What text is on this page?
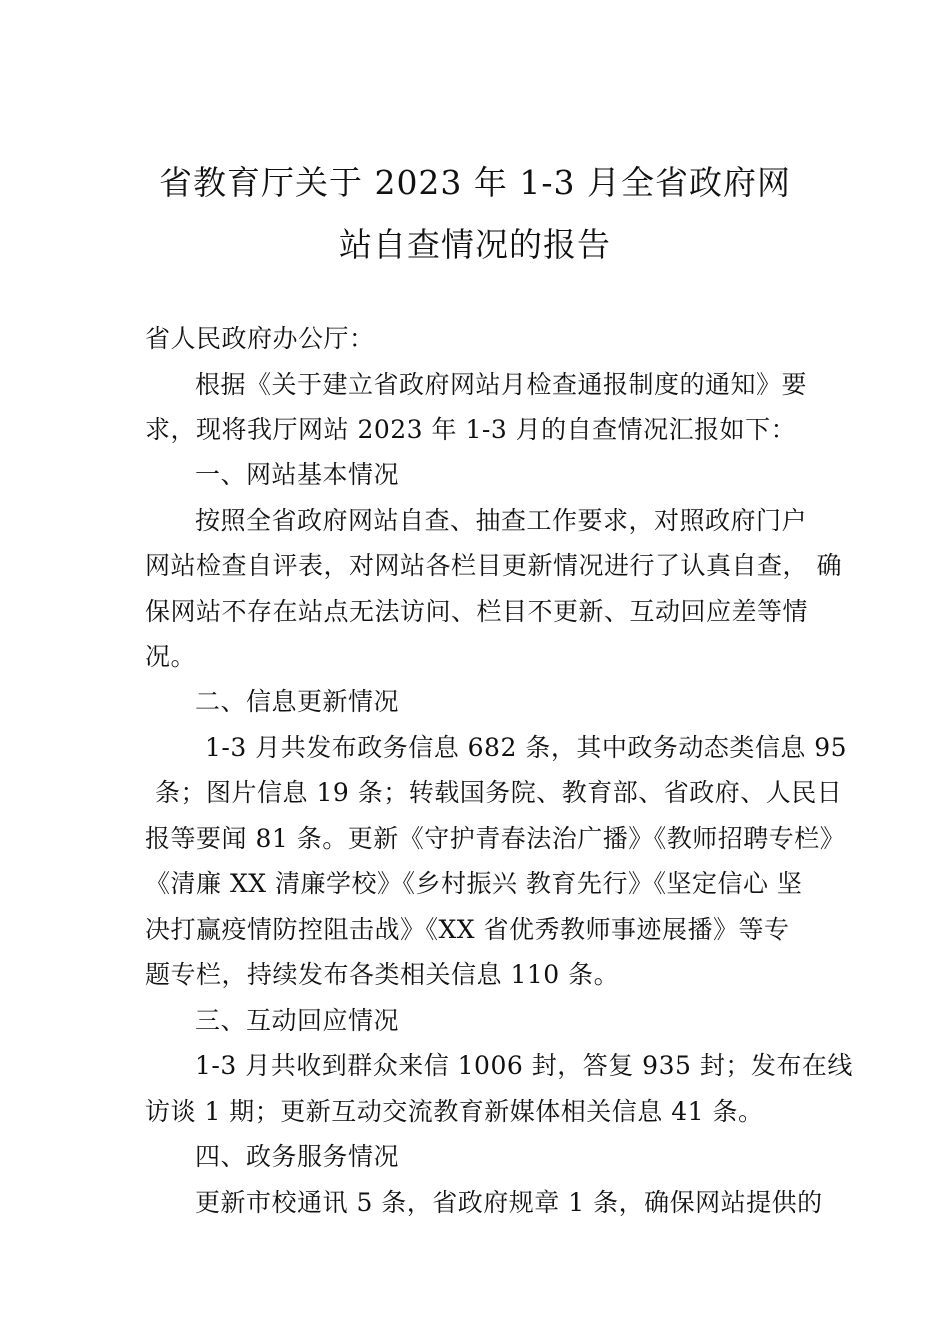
省教育厅关于 2023 年 1-3 月全省政府网
站自查情况的报告
省人民政府办公厅：
根据《关于建立省政府网站月检查通报制度的通知》要
求，现将我厅网站 2023 年 1-3 月的自查情况汇报如下：
一、网站基本情况
按照全省政府网站自查、抽查工作要求，对照政府门户
网站检查自评表，对网站各栏目更新情况进行了认真自查， 确
保网站不存在站点无法访问、栏目不更新、互动回应差等情
况。
二、信息更新情况
1-3 月共发布政务信息 682 条，其中政务动态类信息 95
条；图片信息 19 条；转载国务院、教育部、省政府、人民日
报等要闻 81 条。更新《守护青春法治广播》《教师招聘专栏》
《清廉 XX 清廉学校》《乡村振兴 教育先行》《坚定信心 坚
决打赢疫情防控阻击战》《XX 省优秀教师事迹展播》等专
题专栏，持续发布各类相关信息 110 条。
三、互动回应情况
1-3 月共收到群众来信 1006 封，答复 935 封；发布在线
访谈 1 期；更新互动交流教育新媒体相关信息 41 条。
四、政务服务情况
更新市校通讯 5 条，省政府规章 1 条，确保网站提供的
